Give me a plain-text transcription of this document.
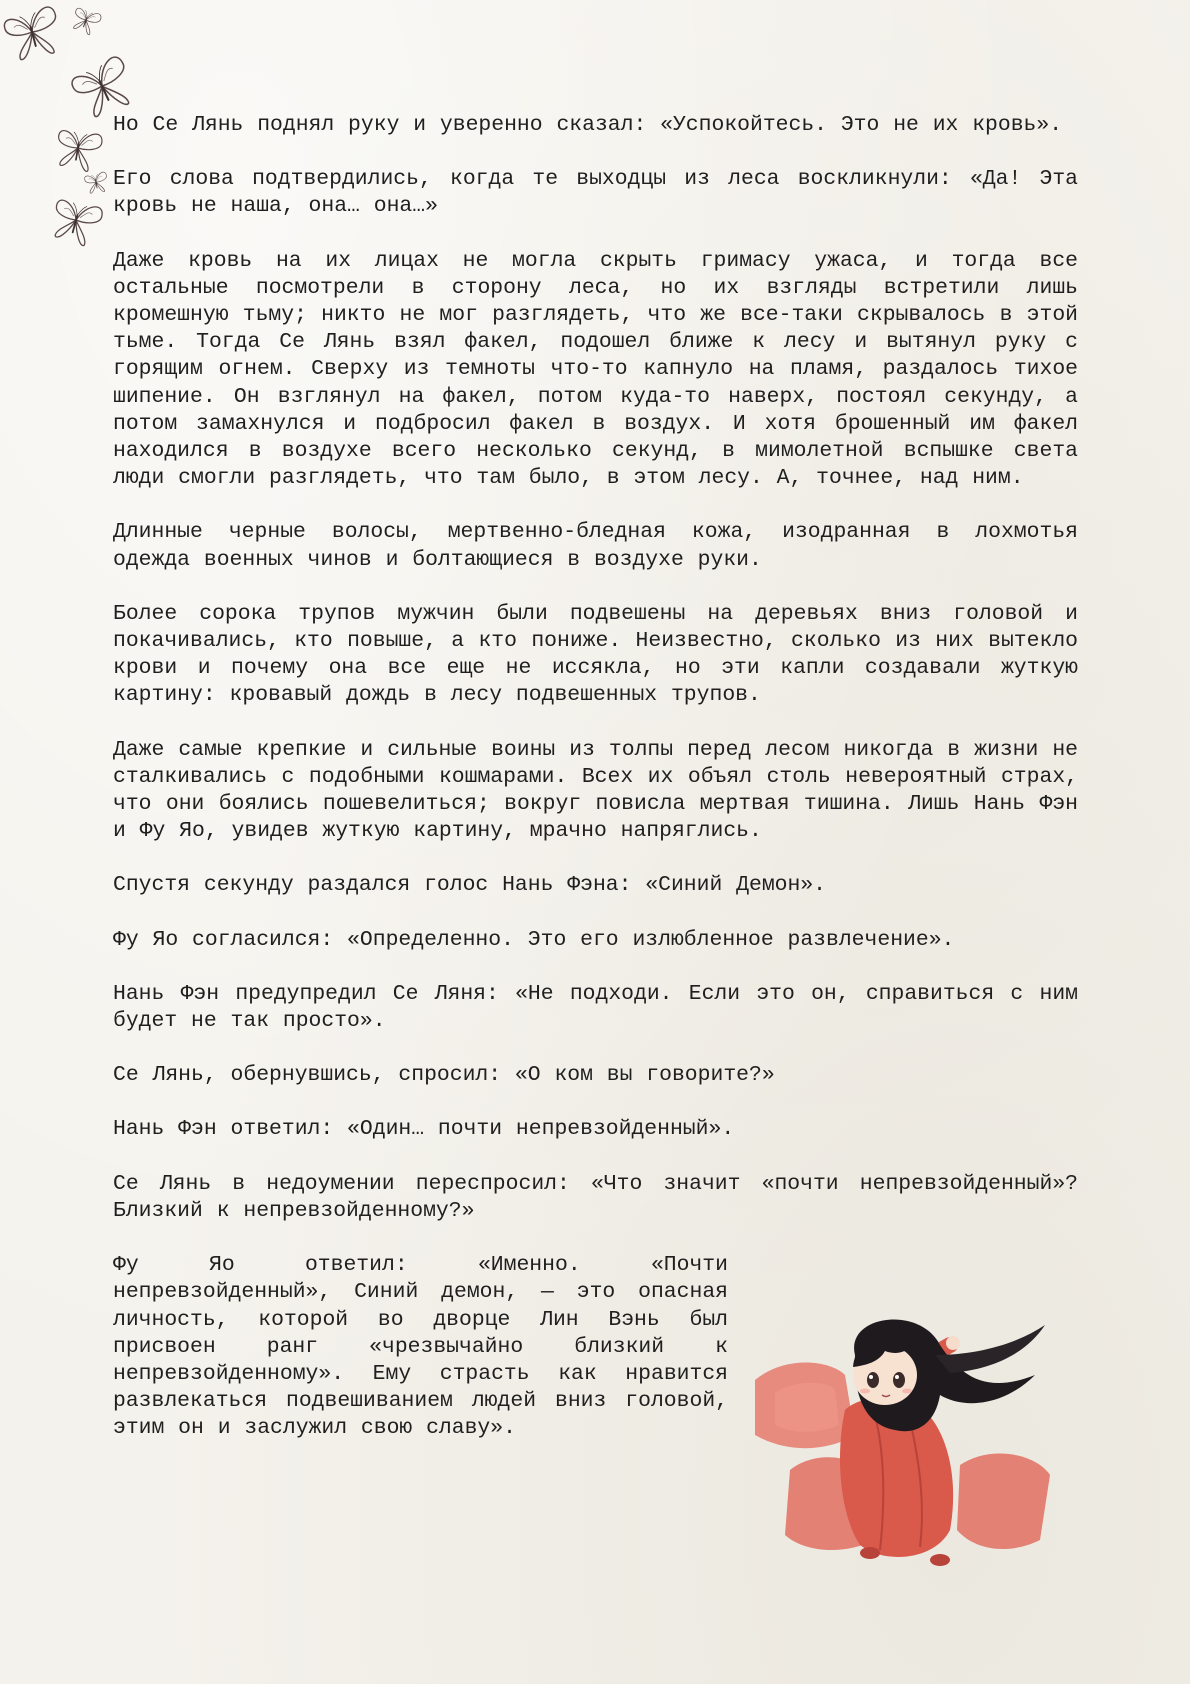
Но Се Лянь поднял руку и уверенно сказал: «Успокойтесь. Это не их кровь».

Его слова подтвердились, когда те выходцы из леса воскликнули: «Да! Эта кровь не наша, она… она…»

Даже кровь на их лицах не могла скрыть гримасу ужаса, и тогда все остальные посмотрели в сторону леса, но их взгляды встретили лишь кромешную тьму; никто не мог разглядеть, что же все-таки скрывалось в этой тьме. Тогда Се Лянь взял факел, подошел ближе к лесу и вытянул руку с горящим огнем. Сверху из темноты что-то капнуло на пламя, раздалось тихое шипение. Он взглянул на факел, потом куда-то наверх, постоял секунду, а потом замахнулся и подбросил факел в воздух. И хотя брошенный им факел находился в воздухе всего несколько секунд, в мимолетной вспышке света люди смогли разглядеть, что там было, в этом лесу. А, точнее, над ним.

Длинные черные волосы, мертвенно-бледная кожа, изодранная в лохмотья одежда военных чинов и болтающиеся в воздухе руки.

Более сорока трупов мужчин были подвешены на деревьях вниз головой и покачивались, кто повыше, а кто пониже. Неизвестно, сколько из них вытекло крови и почему она все еще не иссякла, но эти капли создавали жуткую картину: кровавый дождь в лесу подвешенных трупов.

Даже самые крепкие и сильные воины из толпы перед лесом никогда в жизни не сталкивались с подобными кошмарами. Всех их объял столь невероятный страх, что они боялись пошевелиться; вокруг повисла мертвая тишина. Лишь Нань Фэн и Фу Яо, увидев жуткую картину, мрачно напряглись.

Спустя секунду раздался голос Нань Фэна: «Синий Демон».

Фу Яо согласился: «Определенно. Это его излюбленное развлечение».

Нань Фэн предупредил Се Ляня: «Не подходи. Если это он, справиться с ним будет не так просто».

Се Лянь, обернувшись, спросил: «О ком вы говорите?»

Нань Фэн ответил: «Один… почти непревзойденный».

Се Лянь в недоумении переспросил: «Что значит «почти непревзойденный»? Близкий к непревзойденному?»

Фу Яо ответил: «Именно. «Почти непревзойденный», Синий демон, — это опасная личность, которой во дворце Лин Вэнь был присвоен ранг «чрезвычайно близкий к непревзойденному». Ему страсть как нравится развлекаться подвешиванием людей вниз головой, этим он и заслужил свою славу».
